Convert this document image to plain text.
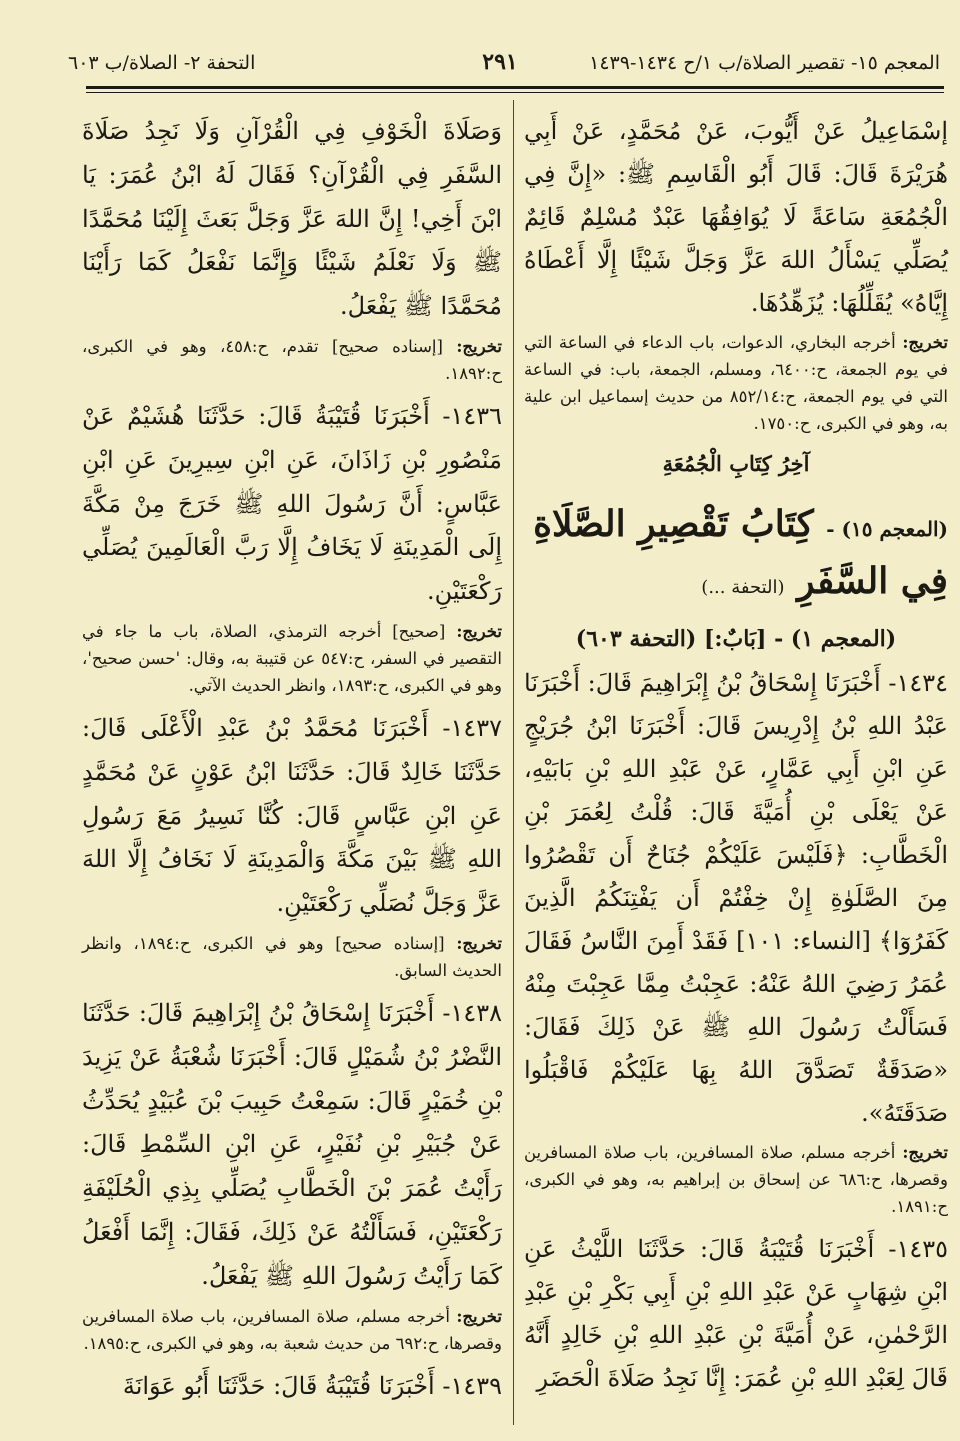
المعجم ١٥- تقصير الصلاة/ب ١/ح ١٤٣٤-١٤٣٩
٢٩١
التحفة ٢- الصلاة/ب ٦٠٣

إسْمَاعِيلُ عَنْ أَيُّوبَ، عَنْ مُحَمَّدٍ، عَنْ أَبِي هُرَيْرَةَ قَالَ: قَالَ أَبُو الْقَاسِمِ ﷺ: «إِنَّ فِي الْجُمُعَةِ سَاعَةً لَا يُوَافِقُهَا عَبْدٌ مُسْلِمٌ قَائِمٌ يُصَلِّي يَسْأَلُ اللهَ عَزَّ وَجَلَّ شَيْئًا إِلَّا أَعْطَاهُ إِيَّاهُ» يُقَلِّلُهَا: يُزَهِّدُهَا.

تخريج: أخرجه البخاري، الدعوات، باب الدعاء في الساعة التي في يوم الجمعة، ح:٦٤٠٠، ومسلم، الجمعة، باب: في الساعة التي في يوم الجمعة، ح:٨٥٢/١٤ من حديث إسماعيل ابن علية به، وهو في الكبرى، ح:١٧٥٠.

آخِرُ كِتَابِ الْجُمُعَةِ

(المعجم ١٥) - كِتَابُ تَقْصِيرِ الصَّلَاةِ فِي السَّفَرِ (التحفة ...)

(المعجم ١) - [بَابٌ:] (التحفة ٦٠٣)

١٤٣٤- أَخْبَرَنَا إِسْحَاقُ بْنُ إِبْرَاهِيمَ قَالَ: أَخْبَرَنَا عَبْدُ اللهِ بْنُ إِدْرِيسَ قَالَ: أَخْبَرَنَا ابْنُ جُرَيْجٍ عَنِ ابْنِ أَبِي عَمَّارٍ، عَنْ عَبْدِ اللهِ بْنِ بَابَيْهِ، عَنْ يَعْلَى بْنِ أُمَيَّةَ قَالَ: قُلْتُ لِعُمَرَ بْنِ الْخَطَّابِ: ﴿فَلَيْسَ عَلَيْكُمْ جُنَاحٌ أَن تَقْصُرُوا مِنَ الصَّلَوٰةِ إِنْ خِفْتُمْ أَن يَفْتِنَكُمُ الَّذِينَ كَفَرُوٓا﴾ [النساء: ١٠١] فَقَدْ أَمِنَ النَّاسُ فَقَالَ عُمَرُ رَضِيَ اللهُ عَنْهُ: عَجِبْتُ مِمَّا عَجِبْتَ مِنْهُ فَسَأَلْتُ رَسُولَ اللهِ ﷺ عَنْ ذَلِكَ فَقَالَ: «صَدَقَةٌ تَصَدَّقَ اللهُ بِهَا عَلَيْكُمْ فَاقْبَلُوا صَدَقَتَهُ».

تخريج: أخرجه مسلم، صلاة المسافرين، باب صلاة المسافرين وقصرها، ح:٦٨٦ عن إسحاق بن إبراهيم به، وهو في الكبرى، ح:١٨٩١.

١٤٣٥- أَخْبَرَنَا قُتَيْبَةُ قَالَ: حَدَّثَنَا اللَّيْثُ عَنِ ابْنِ شِهَابٍ عَنْ عَبْدِ اللهِ بْنِ أَبِي بَكْرِ بْنِ عَبْدِ الرَّحْمٰنِ، عَنْ أُمَيَّةَ بْنِ عَبْدِ اللهِ بْنِ خَالِدٍ أَنَّهُ قَالَ لِعَبْدِ اللهِ بْنِ عُمَرَ: إِنَّا نَجِدُ صَلَاةَ الْحَضَرِ

وَصَلَاةَ الْخَوْفِ فِي الْقُرْآنِ وَلَا نَجِدُ صَلَاةَ السَّفَرِ فِي الْقُرْآنِ؟ فَقَالَ لَهُ ابْنُ عُمَرَ: يَا ابْنَ أَخِي! إِنَّ اللهَ عَزَّ وَجَلَّ بَعَثَ إِلَيْنَا مُحَمَّدًا ﷺ وَلَا نَعْلَمُ شَيْئًا وَإِنَّمَا نَفْعَلُ كَمَا رَأَيْنَا مُحَمَّدًا ﷺ يَفْعَلُ.

تخريج: [إسناده صحيح] تقدم، ح:٤٥٨، وهو في الكبرى، ح:١٨٩٢.

١٤٣٦- أَخْبَرَنَا قُتَيْبَةُ قَالَ: حَدَّثَنَا هُشَيْمٌ عَنْ مَنْصُورِ بْنِ زَاذَانَ، عَنِ ابْنِ سِيرِينَ عَنِ ابْنِ عَبَّاسٍ: أَنَّ رَسُولَ اللهِ ﷺ خَرَجَ مِنْ مَكَّةَ إِلَى الْمَدِينَةِ لَا يَخَافُ إِلَّا رَبَّ الْعَالَمِينَ يُصَلِّي رَكْعَتَيْنِ.

تخريج: [صحيح] أخرجه الترمذي، الصلاة، باب ما جاء في التقصير في السفر، ح:٥٤٧ عن قتيبة به، وقال: 'حسن صحيح'، وهو في الكبرى، ح:١٨٩٣، وانظر الحديث الآتي.

١٤٣٧- أَخْبَرَنَا مُحَمَّدُ بْنُ عَبْدِ الْأَعْلَى قَالَ: حَدَّثَنَا خَالِدٌ قَالَ: حَدَّثَنَا ابْنُ عَوْنٍ عَنْ مُحَمَّدٍ عَنِ ابْنِ عَبَّاسٍ قَالَ: كُنَّا نَسِيرُ مَعَ رَسُولِ اللهِ ﷺ بَيْنَ مَكَّةَ وَالْمَدِينَةِ لَا نَخَافُ إِلَّا اللهَ عَزَّ وَجَلَّ نُصَلِّي رَكْعَتَيْنِ.

تخريج: [إسناده صحيح] وهو في الكبرى، ح:١٨٩٤، وانظر الحديث السابق.

١٤٣٨- أَخْبَرَنَا إِسْحَاقُ بْنُ إِبْرَاهِيمَ قَالَ: حَدَّثَنَا النَّضْرُ بْنُ شُمَيْلٍ قَالَ: أَخْبَرَنَا شُعْبَةُ عَنْ يَزِيدَ بْنِ خُمَيْرٍ قَالَ: سَمِعْتُ حَبِيبَ بْنَ عُبَيْدٍ يُحَدِّثُ عَنْ جُبَيْرِ بْنِ نُفَيْرٍ، عَنِ ابْنِ السِّمْطِ قَالَ: رَأَيْتُ عُمَرَ بْنَ الْخَطَّابِ يُصَلِّي بِذِي الْحُلَيْفَةِ رَكْعَتَيْنِ، فَسَأَلْتُهُ عَنْ ذَلِكَ، فَقَالَ: إِنَّمَا أَفْعَلُ كَمَا رَأَيْتُ رَسُولَ اللهِ ﷺ يَفْعَلُ.

تخريج: أخرجه مسلم، صلاة المسافرين، باب صلاة المسافرين وقصرها، ح:٦٩٢ من حديث شعبة به، وهو في الكبرى، ح:١٨٩٥.

١٤٣٩- أَخْبَرَنَا قُتَيْبَةُ قَالَ: حَدَّثَنَا أَبُو عَوَانَةَ
